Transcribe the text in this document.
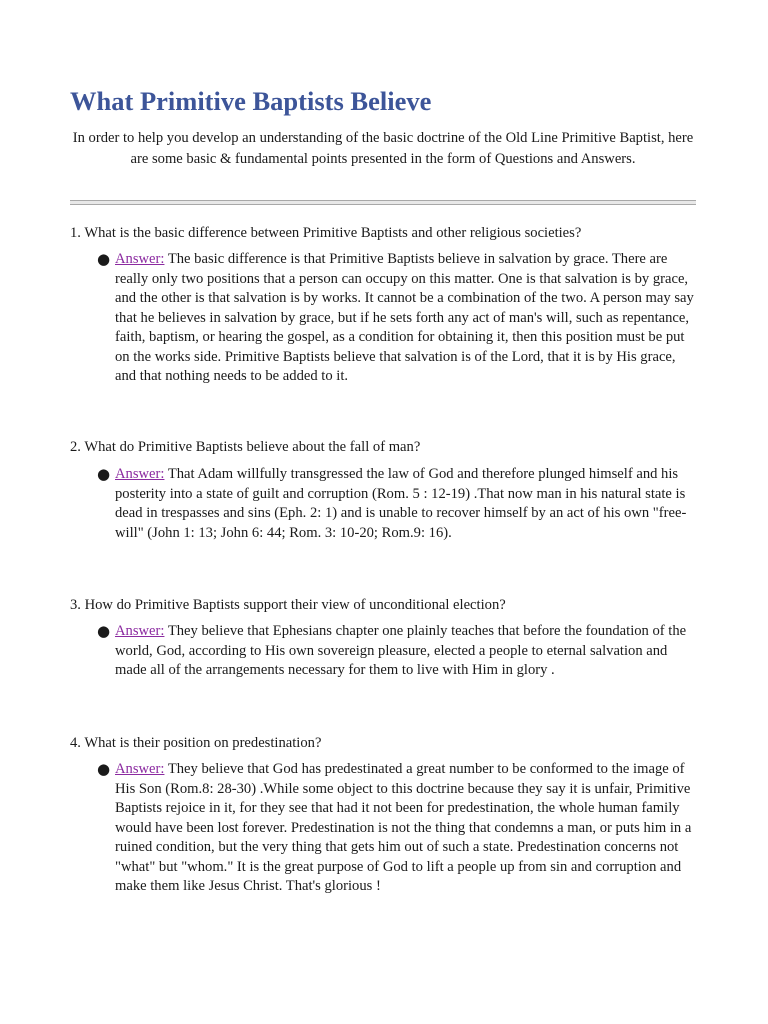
What Primitive Baptists Believe

In order to help you develop an understanding of the basic doctrine of the Old Line Primitive Baptist, here are some basic & fundamental points presented in the form of Questions and Answers.

1. What is the basic difference between Primitive Baptists and other religious societies?

● Answer: The basic difference is that Primitive Baptists believe in salvation by grace. There are really only two positions that a person can occupy on this matter. One is that salvation is by grace, and the other is that salvation is by works. It cannot be a combination of the two. A person may say that he believes in salvation by grace, but if he sets forth any act of man's will, such as repentance, faith, baptism, or hearing the gospel, as a condition for obtaining it, then this position must be put on the works side. Primitive Baptists believe that salvation is of the Lord, that it is by His grace, and that nothing needs to be added to it.

2. What do Primitive Baptists believe about the fall of man?

● Answer: That Adam willfully transgressed the law of God and therefore plunged himself and his posterity into a state of guilt and corruption (Rom. 5 : 12-19) .That now man in his natural state is dead in trespasses and sins (Eph. 2: 1) and is unable to recover himself by an act of his own "free-will" (John 1: 13; John 6: 44; Rom. 3: 10-20; Rom.9: 16).

3. How do Primitive Baptists support their view of unconditional election?

● Answer: They believe that Ephesians chapter one plainly teaches that before the foundation of the world, God, according to His own sovereign pleasure, elected a people to eternal salvation and made all of the arrangements necessary for them to live with Him in glory .

4. What is their position on predestination?

● Answer: They believe that God has predestinated a great number to be conformed to the image of His Son (Rom.8: 28-30) .While some object to this doctrine because they say it is unfair, Primitive Baptists rejoice in it, for they see that had it not been for predestination, the whole human family would have been lost forever. Predestination is not the thing that condemns a man, or puts him in a ruined condition, but the very thing that gets him out of such a state. Predestination concerns not "what" but "whom." It is the great purpose of God to lift a people up from sin and corruption and make them like Jesus Christ. That's glorious !
